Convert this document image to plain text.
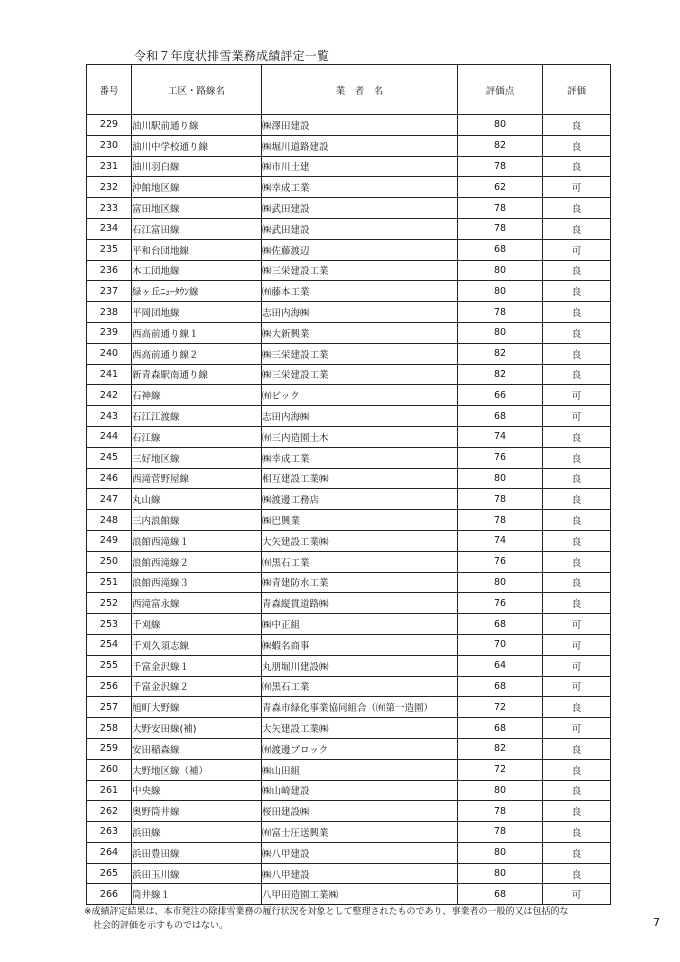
令和７年度状排雪業務成績評定一覧
番号	工区・路線名	業　者　名	評価点	評価
229	油川駅前通り線	㈱澤田建設	80	良
230	油川中学校通り線	㈱堀川道路建設	82	良
231	油川羽白線	㈱市川土建	78	良
232	沖館地区線	㈱幸成工業	62	可
233	富田地区線	㈱武田建設	78	良
234	石江富田線	㈱武田建設	78	良
235	平和台団地線	㈱佐藤渡辺	68	可
236	木工団地線	㈱三栄建設工業	80	良
237	緑ヶ丘ﾆｭｰﾀｳﾝ線	㈲藤本工業	80	良
238	平岡団地線	志田内海㈱	78	良
239	西高前通り線１	㈱大新興業	80	良
240	西高前通り線２	㈱三栄建設工業	82	良
241	新青森駅南通り線	㈱三栄建設工業	82	良
242	石神線	㈲ビック	66	可
243	石江江渡線	志田内海㈱	68	可
244	石江線	㈲三内造園土木	74	良
245	三好地区線	㈱幸成工業	76	良
246	西滝菅野屋線	相互建設工業㈱	80	良
247	丸山線	㈱渡邊工務店	78	良
248	三内浪館線	㈱巴興業	78	良
249	浪館西滝線１	大矢建設工業㈱	74	良
250	浪館西滝線２	㈲黒石工業	76	良
251	浪館西滝線３	㈱青建防水工業	80	良
252	西滝富永線	青森縦貫道路㈱	76	良
253	千刈線	㈱中正組	68	可
254	千刈久須志線	㈱蝦名商事	70	可
255	千富金沢線１	丸朋堀川建設㈱	64	可
256	千富金沢線２	㈲黒石工業	68	可
257	旭町大野線	青森市緑化事業協同組合（㈲第一造園）	72	良
258	大野安田線(補)	大矢建設工業㈱	68	可
259	安田稲森線	㈲渡邊ブロック	82	良
260	大野地区線（補）	㈱山田組	72	良
261	中央線	㈱山崎建設	80	良
262	奥野筒井線	桜田建設㈱	78	良
263	浜田線	㈲富士圧送興業	78	良
264	浜田豊田線	㈱八甲建設	80	良
265	浜田玉川線	㈱八甲建設	80	良
266	筒井線１	八甲田造園工業㈱	68	可
※成績評定結果は、本市発注の除排雪業務の履行状況を対象として整理されたものであり、事業者の一般的又は包括的な
社会的評価を示すものではない。	7
